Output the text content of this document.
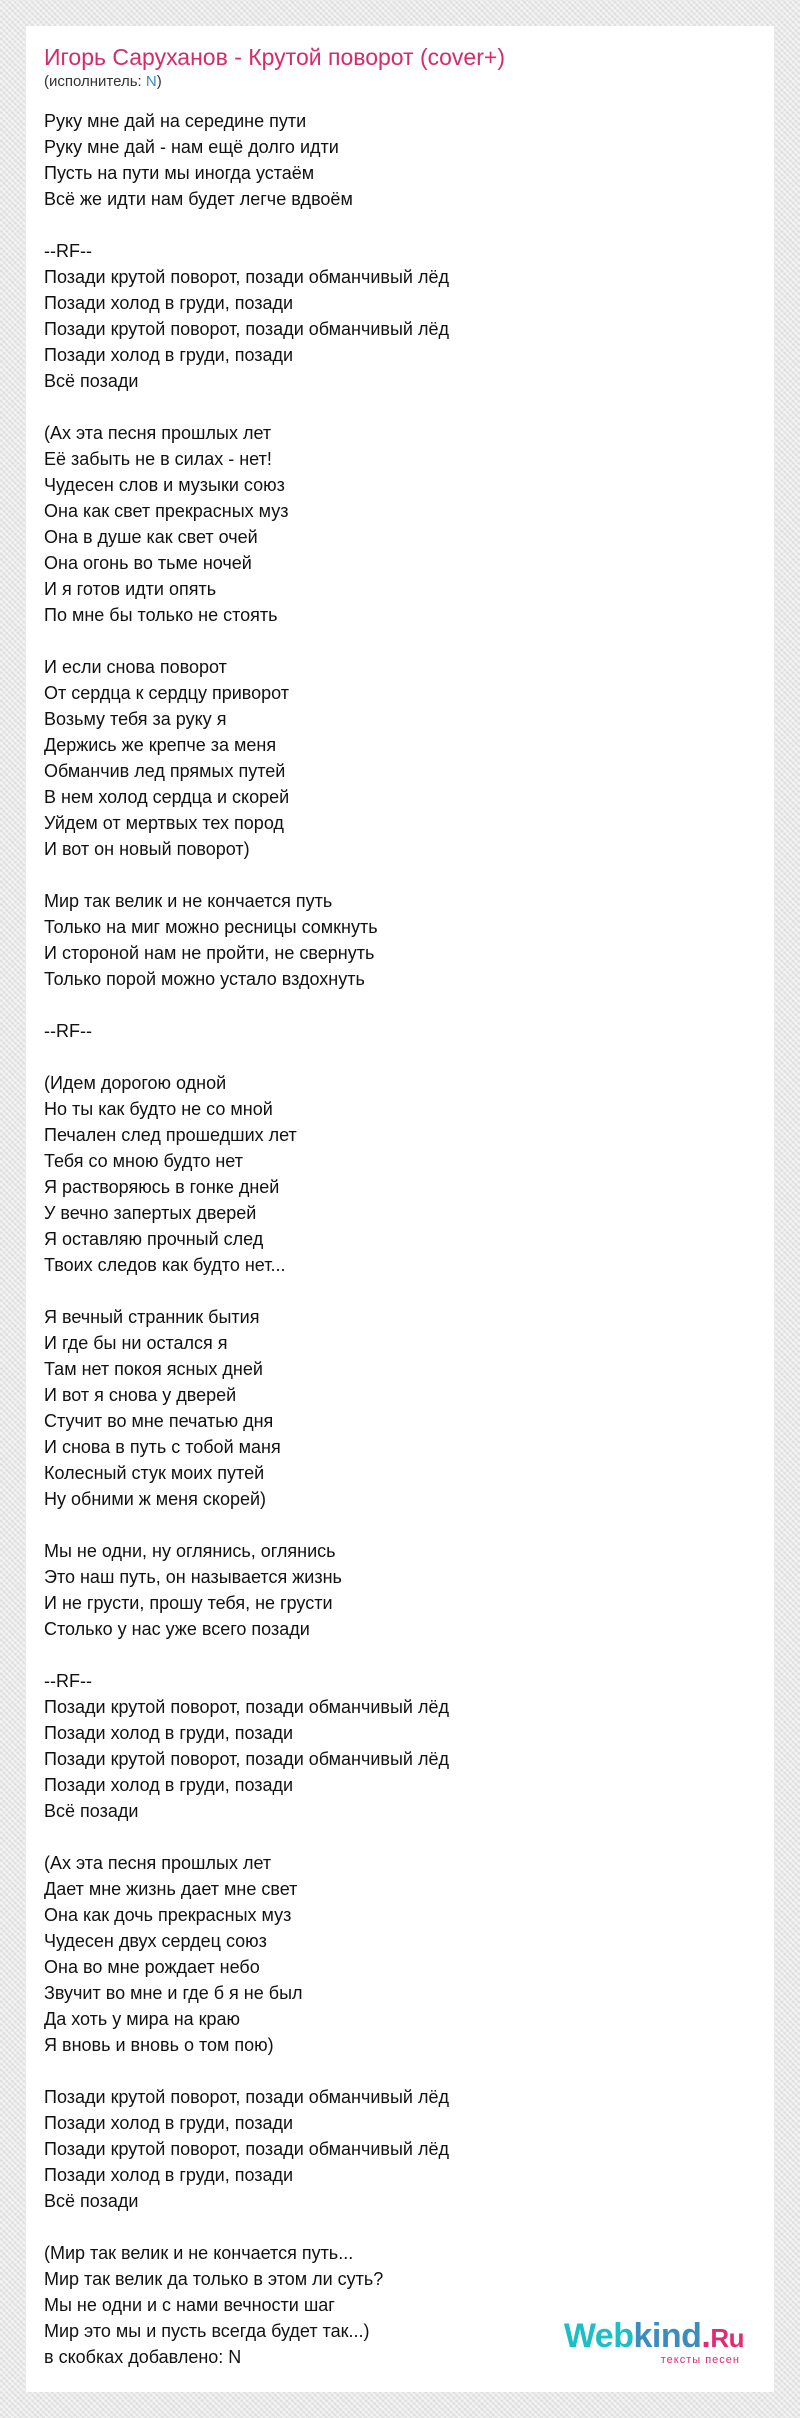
Игорь Саруханов - Крутой поворот (cover+)
(исполнитель: N)
Руку мне дай на середине пути
Руку мне дай - нам ещё долго идти
Пусть на пути мы иногда устаём
Всё же идти нам будет легче вдвоём
--RF--
Позади крутой поворот, позади обманчивый лёд
Позади холод в груди, позади
Позади крутой поворот, позади обманчивый лёд
Позади холод в груди, позади
Всё позади
(Ах эта песня прошлых лет
Её забыть не в силах - нет!
Чудесен слов и музыки союз
Она как свет прекрасных муз
Она в душе как свет очей
Она огонь во тьме ночей
И я готов идти опять
По мне бы только не стоять
И если снова поворот
От сердца к сердцу приворот
Возьму тебя за руку я
Держись же крепче за меня
Обманчив лед прямых путей
В нем холод сердца и скорей
Уйдем от мертвых тех пород
И вот он новый поворот)
Мир так велик и не кончается путь
Только на миг можно ресницы сомкнуть
И стороной нам не пройти, не свернуть
Только порой можно устало вздохнуть
--RF--
(Идем дорогою одной
Но ты как будто не со мной
Печален след прошедших лет
Тебя со мною будто нет
Я растворяюсь в гонке дней
У вечно запертых дверей
Я оставляю прочный след
Твоих следов как будто нет...
Я вечный странник бытия
И где бы ни остался я
Там нет покоя ясных дней
И вот я снова у дверей
Стучит во мне печатью дня
И снова в путь с тобой маня
Колесный стук моих путей
Ну обними ж меня скорей)
Мы не одни, ну оглянись, оглянись
Это наш путь, он называется жизнь
И не грусти, прошу тебя, не грусти
Столько у нас уже всего позади
--RF--
Позади крутой поворот, позади обманчивый лёд
Позади холод в груди, позади
Позади крутой поворот, позади обманчивый лёд
Позади холод в груди, позади
Всё позади
(Ах эта песня прошлых лет
Дает мне жизнь дает мне свет
Она как дочь прекрасных муз
Чудесен двух сердец союз
Она во мне рождает небо
Звучит во мне и где б я не был
Да хоть у мира на краю
Я вновь и вновь о том пою)
Позади крутой поворот, позади обманчивый лёд
Позади холод в груди, позади
Позади крутой поворот, позади обманчивый лёд
Позади холод в груди, позади
Всё позади
(Мир так велик и не кончается путь...
Мир так велик да только в этом ли суть?
Мы не одни и с нами вечности шаг
Мир это мы и пусть всегда будет так...)
в скобках добавлено: N
Webkind.Ru
тексты песен
